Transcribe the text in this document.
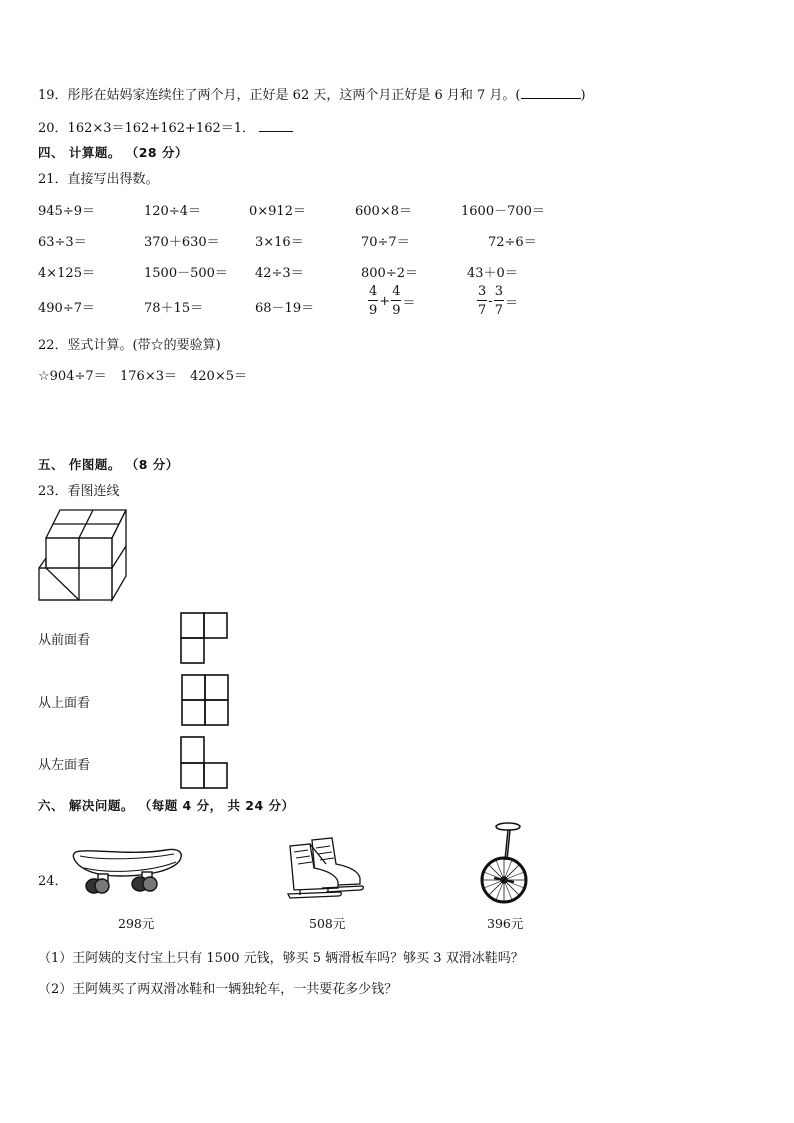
19．彤彤在姑妈家连续住了两个月，正好是 62 天，这两个月正好是 6 月和 7 月。(	)
20．162×3＝162+162+162＝1．
四、 计算题。 （28 分）
21．直接写出得数。
945÷9＝	120÷4＝	0×912＝	600×8＝	1600－700＝
63÷3＝	370＋630＝	3×16＝	70÷7＝	72÷6＝
4×125＝	1500－500＝ 42÷3＝	800÷2＝	43＋0＝
490÷7＝	78＋15＝	68－19＝	$\frac{4}{9} + \frac{4}{9}$ ＝	$\frac{3}{7} - \frac{3}{7}$ ＝
22．竖式计算。(带☆的要验算)
☆904÷7＝ 176×3＝ 420×5＝
五、 作图题。 （8 分）
23．看图连线
从前面看
从上面看
从左面看
六、 解决问题。 （每题 4 分， 共 24 分）
24．
298元	508元	396元
（1）王阿姨的支付宝上只有 1500 元钱，够买 5 辆滑板车吗？够买 3 双滑冰鞋吗？
（2）王阿姨买了两双滑冰鞋和一辆独轮车，一共要花多少钱？
